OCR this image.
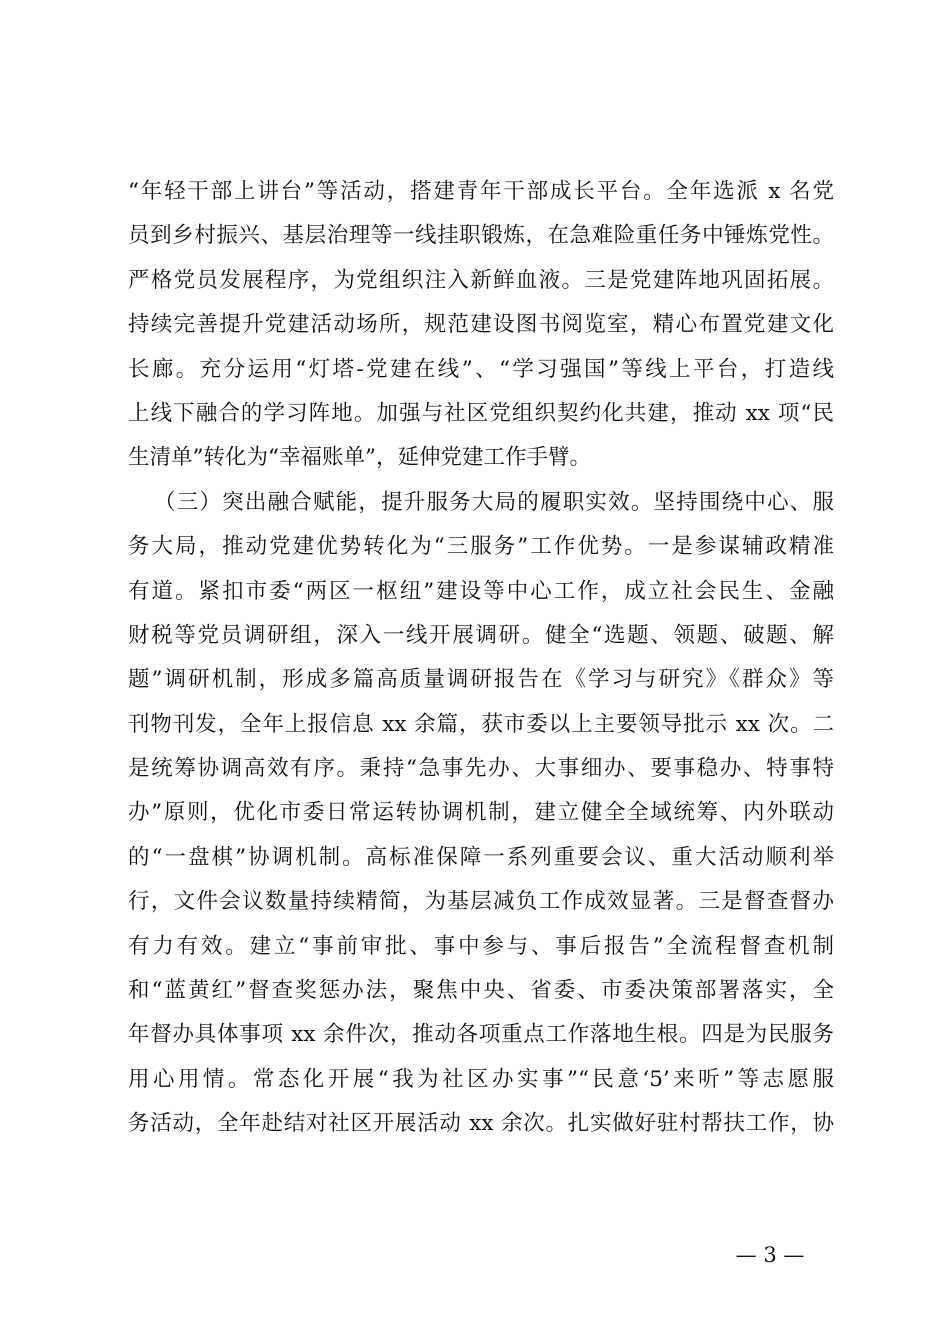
“年轻干部上讲台”等活动，搭建青年干部成长平台。全年选派 x 名党
员到乡村振兴、基层治理等一线挂职锻炼，在急难险重任务中锤炼党性。
严格党员发展程序，为党组织注入新鲜血液。三是党建阵地巩固拓展。
持续完善提升党建活动场所，规范建设图书阅览室，精心布置党建文化
长廊。充分运用“灯塔-党建在线”、“学习强国”等线上平台，打造线
上线下融合的学习阵地。加强与社区党组织契约化共建，推动 xx 项“民
生清单”转化为“幸福账单”，延伸党建工作手臂。
（三）突出融合赋能，提升服务大局的履职实效。坚持围绕中心、服
务大局，推动党建优势转化为“三服务”工作优势。一是参谋辅政精准
有道。紧扣市委“两区一枢纽”建设等中心工作，成立社会民生、金融
财税等党员调研组，深入一线开展调研。健全“选题、领题、破题、解
题”调研机制，形成多篇高质量调研报告在《学习与研究》《群众》等
刊物刊发，全年上报信息 xx 余篇，获市委以上主要领导批示 xx 次。二
是统筹协调高效有序。秉持“急事先办、大事细办、要事稳办、特事特
办”原则，优化市委日常运转协调机制，建立健全全域统筹、内外联动
的“一盘棋”协调机制。高标准保障一系列重要会议、重大活动顺利举
行，文件会议数量持续精简，为基层减负工作成效显著。三是督查督办
有力有效。建立“事前审批、事中参与、事后报告”全流程督查机制
和“蓝黄红”督查奖惩办法，聚焦中央、省委、市委决策部署落实，全
年督办具体事项 xx 余件次，推动各项重点工作落地生根。四是为民服务
用心用情。常态化开展“我为社区办实事”“民意‘5’来听”等志愿服
务活动，全年赴结对社区开展活动 xx 余次。扎实做好驻村帮扶工作，协
— 3 —
